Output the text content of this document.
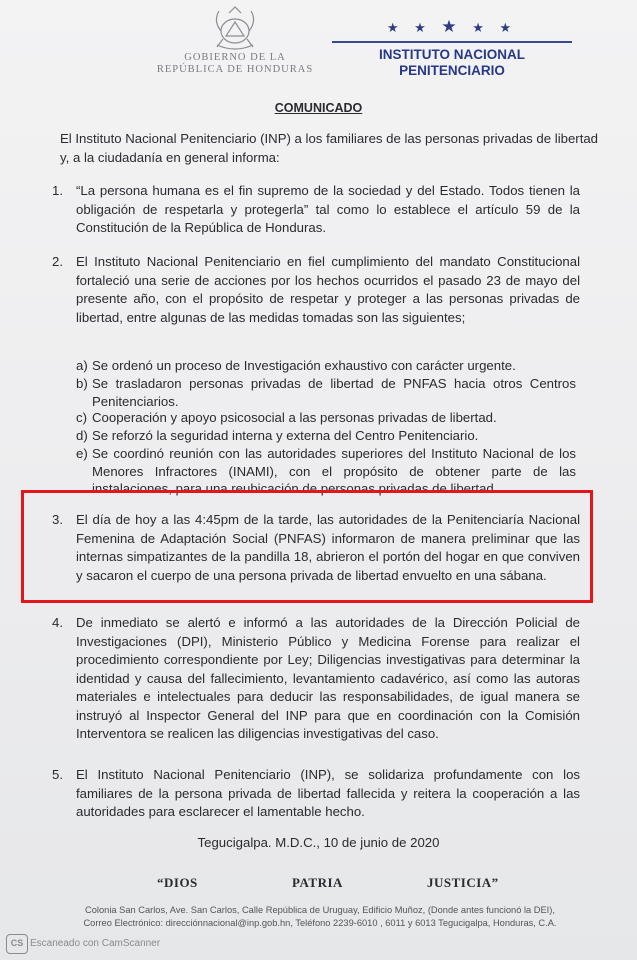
GOBIERNO DE LA
REPÚBLICA DE HONDURAS
★ ★ ★ ★ ★
INSTITUTO NACIONAL
PENITENCIARIO
COMUNICADO
El Instituto Nacional Penitenciario (INP) a los familiares de las personas privadas de libertad y, a la ciudadanía en general informa:
1. “La persona humana es el fin supremo de la sociedad y del Estado. Todos tienen la obligación de respetarla y protegerla” tal como lo establece el artículo 59 de la Constitución de la República de Honduras.
2. El Instituto Nacional Penitenciario en fiel cumplimiento del mandato Constitucional fortaleció una serie de acciones por los hechos ocurridos el pasado 23 de mayo del presente año, con el propósito de respetar y proteger a las personas privadas de libertad, entre algunas de las medidas tomadas son las siguientes;
a) Se ordenó un proceso de Investigación exhaustivo con carácter urgente.
b) Se trasladaron personas privadas de libertad de PNFAS hacia otros Centros Penitenciarios.
c) Cooperación y apoyo psicosocial a las personas privadas de libertad.
d) Se reforzó la seguridad interna y externa del Centro Penitenciario.
e) Se coordinó reunión con las autoridades superiores del Instituto Nacional de los Menores Infractores (INAMI), con el propósito de obtener parte de las instalaciones, para una reubicación de personas privadas de libertad.
3. El día de hoy a las 4:45pm de la tarde, las autoridades de la Penitenciaría Nacional Femenina de Adaptación Social (PNFAS) informaron de manera preliminar que las internas simpatizantes de la pandilla 18, abrieron el portón del hogar en que conviven y sacaron el cuerpo de una persona privada de libertad envuelto en una sábana.
4. De inmediato se alertó e informó a las autoridades de la Dirección Policial de Investigaciones (DPI), Ministerio Público y Medicina Forense para realizar el procedimiento correspondiente por Ley; Diligencias investigativas para determinar la identidad y causa del fallecimiento, levantamiento cadavérico, así como las autoras materiales e intelectuales para deducir las responsabilidades, de igual manera se instruyó al Inspector General del INP para que en coordinación con la Comisión Interventora se realicen las diligencias investigativas del caso.
5. El Instituto Nacional Penitenciario (INP), se solidariza profundamente con los familiares de la persona privada de libertad fallecida y reitera la cooperación a las autoridades para esclarecer el lamentable hecho.
Tegucigalpa. M.D.C., 10 de junio de 2020
“DIOS	PATRIA	JUSTICIA”
Colonia San Carlos, Ave. San Carlos, Calle República de Uruguay, Edificio Muñoz, (Donde antes funcionó la DEI),
Correo Electrónico: direcciónnacional@inp.gob.hn, Teléfono 2239-6010 , 6011 y 6013 Tegucigalpa, Honduras, C.A.
CS Escaneado con CamScanner
